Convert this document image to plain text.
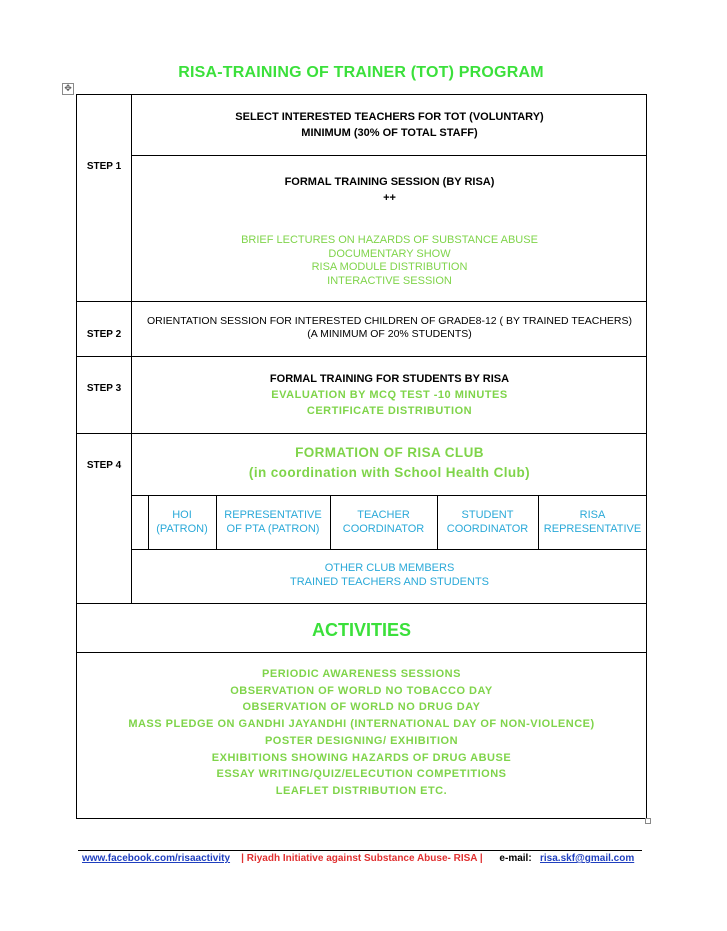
RISA-TRAINING OF TRAINER (TOT) PROGRAM
✥
STEP 1
STEP 2
STEP 3
STEP 4
SELECT INTERESTED TEACHERS FOR TOT (VOLUNTARY)
MINIMUM (30% OF TOTAL STAFF)
FORMAL TRAINING SESSION (BY RISA)
++
BRIEF LECTURES ON HAZARDS OF SUBSTANCE ABUSE
DOCUMENTARY SHOW
RISA MODULE DISTRIBUTION
INTERACTIVE SESSION
ORIENTATION SESSION FOR INTERESTED CHILDREN OF GRADE8-12 ( BY TRAINED TEACHERS)
(A MINIMUM OF 20% STUDENTS)
FORMAL TRAINING FOR STUDENTS BY RISA
EVALUATION BY MCQ TEST -10 MINUTES
CERTIFICATE DISTRIBUTION
FORMATION OF RISA CLUB
(in coordination with School Health Club)
HOI
(PATRON)
REPRESENTATIVE
OF PTA (PATRON)
TEACHER
COORDINATOR
STUDENT
COORDINATOR
RISA
REPRESENTATIVE
OTHER CLUB MEMBERS
TRAINED TEACHERS AND STUDENTS
ACTIVITIES
PERIODIC AWARENESS SESSIONS
OBSERVATION OF WORLD NO TOBACCO DAY
OBSERVATION OF WORLD NO DRUG DAY
MASS PLEDGE ON GANDHI JAYANDHI (INTERNATIONAL DAY OF NON-VIOLENCE)
POSTER DESIGNING/ EXHIBITION
EXHIBITIONS SHOWING HAZARDS OF DRUG ABUSE
ESSAY WRITING/QUIZ/ELECUTION COMPETITIONS
LEAFLET DISTRIBUTION ETC.
www.facebook.com/risaactivity | Riyadh Initiative against Substance Abuse- RISA | e-mail: risa.skf@gmail.com
